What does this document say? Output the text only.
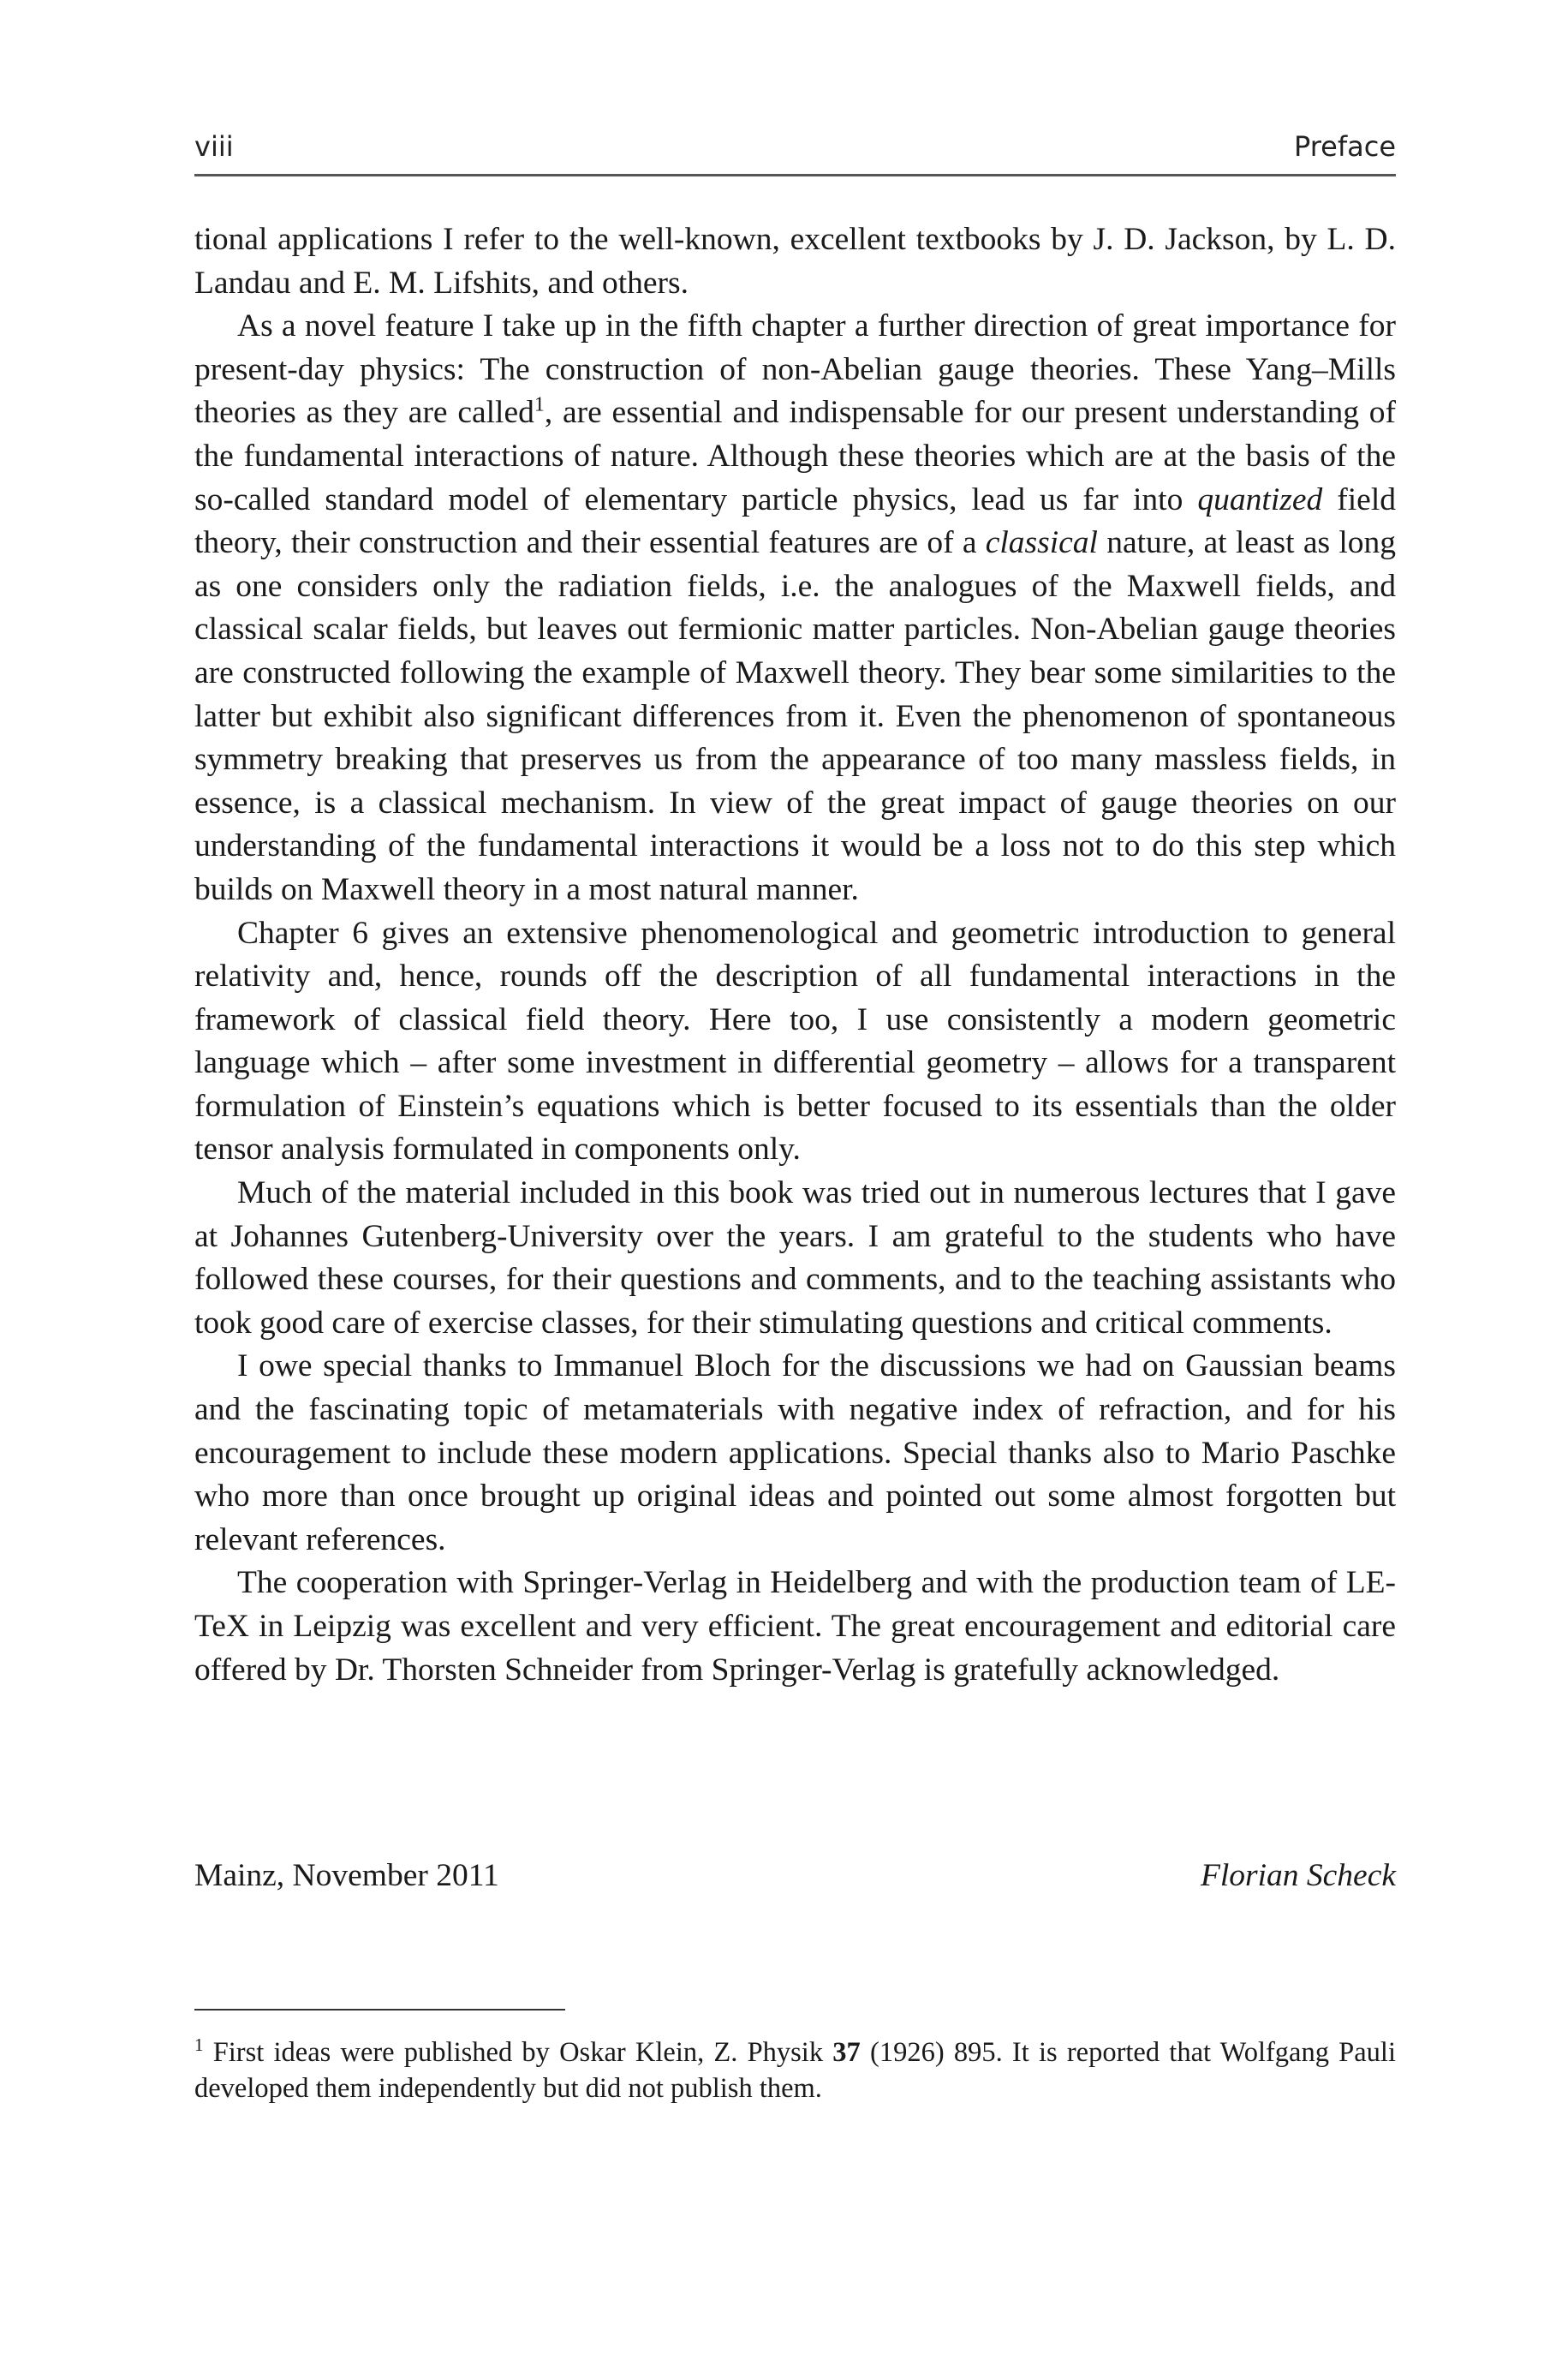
viii	Preface

tional applications I refer to the well-known, excellent textbooks by J. D. Jackson, by L. D. Landau and E. M. Lifshits, and others.

As a novel feature I take up in the fifth chapter a further direction of great importance for present-day physics: The construction of non-Abelian gauge theories. These Yang–Mills theories as they are called$^1$, are essential and indispensable for our present understanding of the fundamental interactions of nature. Although these theories which are at the basis of the so-called standard model of elementary particle physics, lead us far into quantized field theory, their construction and their essential features are of a classical nature, at least as long as one considers only the radiation fields, i.e. the analogues of the Maxwell fields, and classical scalar fields, but leaves out fermionic matter particles. Non-Abelian gauge theories are constructed following the example of Maxwell theory. They bear some similarities to the latter but exhibit also significant differences from it. Even the phenomenon of spontaneous symmetry breaking that preserves us from the appearance of too many massless fields, in essence, is a classical mechanism. In view of the great impact of gauge theories on our understanding of the fundamental interactions it would be a loss not to do this step which builds on Maxwell theory in a most natural manner.

Chapter 6 gives an extensive phenomenological and geometric introduction to general relativity and, hence, rounds off the description of all fundamental interactions in the framework of classical field theory. Here too, I use consistently a modern geometric language which – after some investment in differential geometry – allows for a transparent formulation of Einstein’s equations which is better focused to its essentials than the older tensor analysis formulated in components only.

Much of the material included in this book was tried out in numerous lectures that I gave at Johannes Gutenberg-University over the years. I am grateful to the students who have followed these courses, for their questions and comments, and to the teaching assistants who took good care of exercise classes, for their stimulating questions and critical comments.

I owe special thanks to Immanuel Bloch for the discussions we had on Gaussian beams and the fascinating topic of metamaterials with negative index of refraction, and for his encouragement to include these modern applications. Special thanks also to Mario Paschke who more than once brought up original ideas and pointed out some almost forgotten but relevant references.

The cooperation with Springer-Verlag in Heidelberg and with the production team of LE-TeX in Leipzig was excellent and very efficient. The great encouragement and editorial care offered by Dr. Thorsten Schneider from Springer-Verlag is gratefully acknowledged.

Mainz, November 2011	Florian Scheck
$^1$ First ideas were published by Oskar Klein, Z. Physik 37 (1926) 895. It is reported that Wolfgang Pauli developed them independently but did not publish them.
